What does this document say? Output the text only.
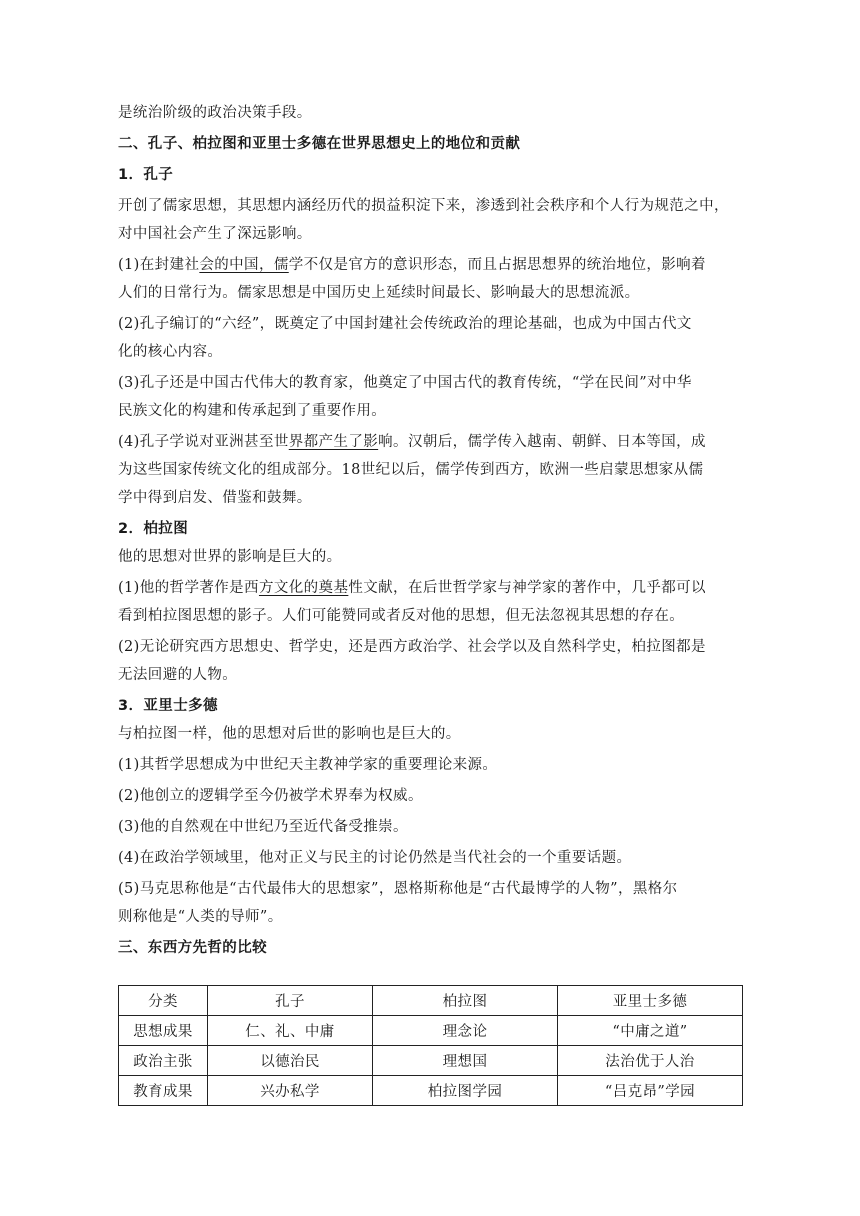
是统治阶级的政治决策手段。
二、孔子、柏拉图和亚里士多德在世界思想史上的地位和贡献
1．孔子
开创了儒家思想，其思想内涵经历代的损益积淀下来，渗透到社会秩序和个人行为规范之中，
对中国社会产生了深远影响。
(1)在封建社会的中国，儒学不仅是官方的意识形态，而且占据思想界的统治地位，影响着
人们的日常行为。儒家思想是中国历史上延续时间最长、影响最大的思想流派。
(2)孔子编订的“六经”，既奠定了中国封建社会传统政治的理论基础，也成为中国古代文
化的核心内容。
(3)孔子还是中国古代伟大的教育家，他奠定了中国古代的教育传统，“学在民间”对中华
民族文化的构建和传承起到了重要作用。
(4)孔子学说对亚洲甚至世界都产生了影响。汉朝后，儒学传入越南、朝鲜、日本等国，成
为这些国家传统文化的组成部分。18世纪以后，儒学传到西方，欧洲一些启蒙思想家从儒
学中得到启发、借鉴和鼓舞。
2．柏拉图
他的思想对世界的影响是巨大的。
(1)他的哲学著作是西方文化的奠基性文献，在后世哲学家与神学家的著作中，几乎都可以
看到柏拉图思想的影子。人们可能赞同或者反对他的思想，但无法忽视其思想的存在。
(2)无论研究西方思想史、哲学史，还是西方政治学、社会学以及自然科学史，柏拉图都是
无法回避的人物。
3．亚里士多德
与柏拉图一样，他的思想对后世的影响也是巨大的。
(1)其哲学思想成为中世纪天主教神学家的重要理论来源。
(2)他创立的逻辑学至今仍被学术界奉为权威。
(3)他的自然观在中世纪乃至近代备受推崇。
(4)在政治学领域里，他对正义与民主的讨论仍然是当代社会的一个重要话题。
(5)马克思称他是“古代最伟大的思想家”，恩格斯称他是“古代最博学的人物”，黑格尔
则称他是“人类的导师”。
三、东西方先哲的比较
分类	孔子	柏拉图	亚里士多德
思想成果	仁、礼、中庸	理念论	“中庸之道”
政治主张	以德治民	理想国	法治优于人治
教育成果	兴办私学	柏拉图学园	“吕克昂”学园
